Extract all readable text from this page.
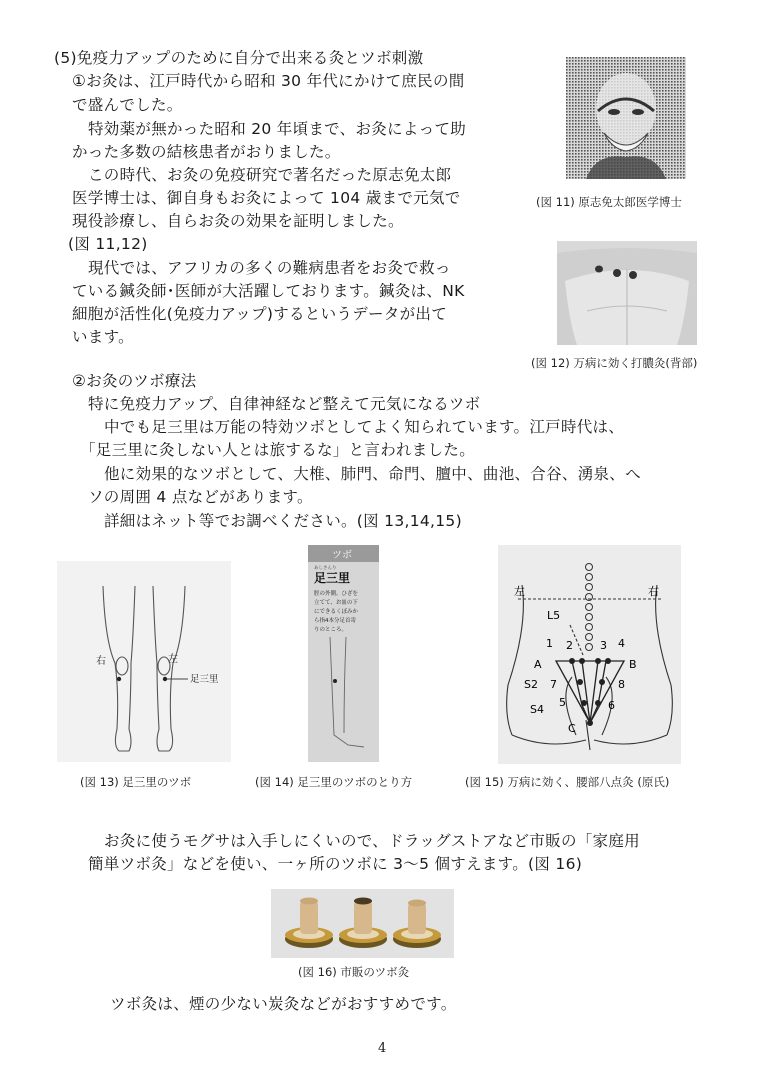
(5)免疫力アップのために自分で出来る灸とツボ刺激
①お灸は、江戸時代から昭和 30 年代にかけて庶民の間
で盛んでした。
特効薬が無かった昭和 20 年頃まで、お灸によって助
かった多数の結核患者がおりました。
この時代、お灸の免疫研究で著名だった原志免太郎
医学博士は、御自身もお灸によって 104 歳まで元気で
現役診療し、自らお灸の効果を証明しました。
(図 11,12)
現代では、アフリカの多くの難病患者をお灸で救っ
ている鍼灸師･医師が大活躍しております。鍼灸は、NK
細胞が活性化(免疫力アップ)するというデータが出て
います。
②お灸のツボ療法
特に免疫力アップ、自律神経など整えて元気になるツボ
中でも足三里は万能の特効ツボとしてよく知られています。江戸時代は、
「足三里に灸しない人とは旅するな」と言われました。
他に効果的なツボとして、大椎、肺門、命門、膻中、曲池、合谷、湧泉、へ
ソの周囲 4 点などがあります。
詳細はネット等でお調べください。(図 13,14,15)
お灸に使うモグサは入手しにくいので、ドラッグストアなど市販の「家庭用
簡単ツボ灸」などを使い、一ヶ所のツボに 3〜5 個すえます。(図 16)
ツボ灸は、煙の少ない炭灸などがおすすめです。
(図 11) 原志免太郎医学博士
(図 12) 万病に効く打膿灸(背部)
右	左
足三里
(図 13) 足三里のツボ
ツボ
あしさんり
足三里
脛の外側。ひざを
立てて、お皿の下
にできるくぼみか
ら指4本分足首寄
りのところ。
(図 14) 足三里のツボのとり方
左	右
L5
1 2 3 4
A	B
S2 7	8
S4
5	6
C
(図 15) 万病に効く、腰部八点灸 (原氏)
(図 16) 市販のツボ灸
4
